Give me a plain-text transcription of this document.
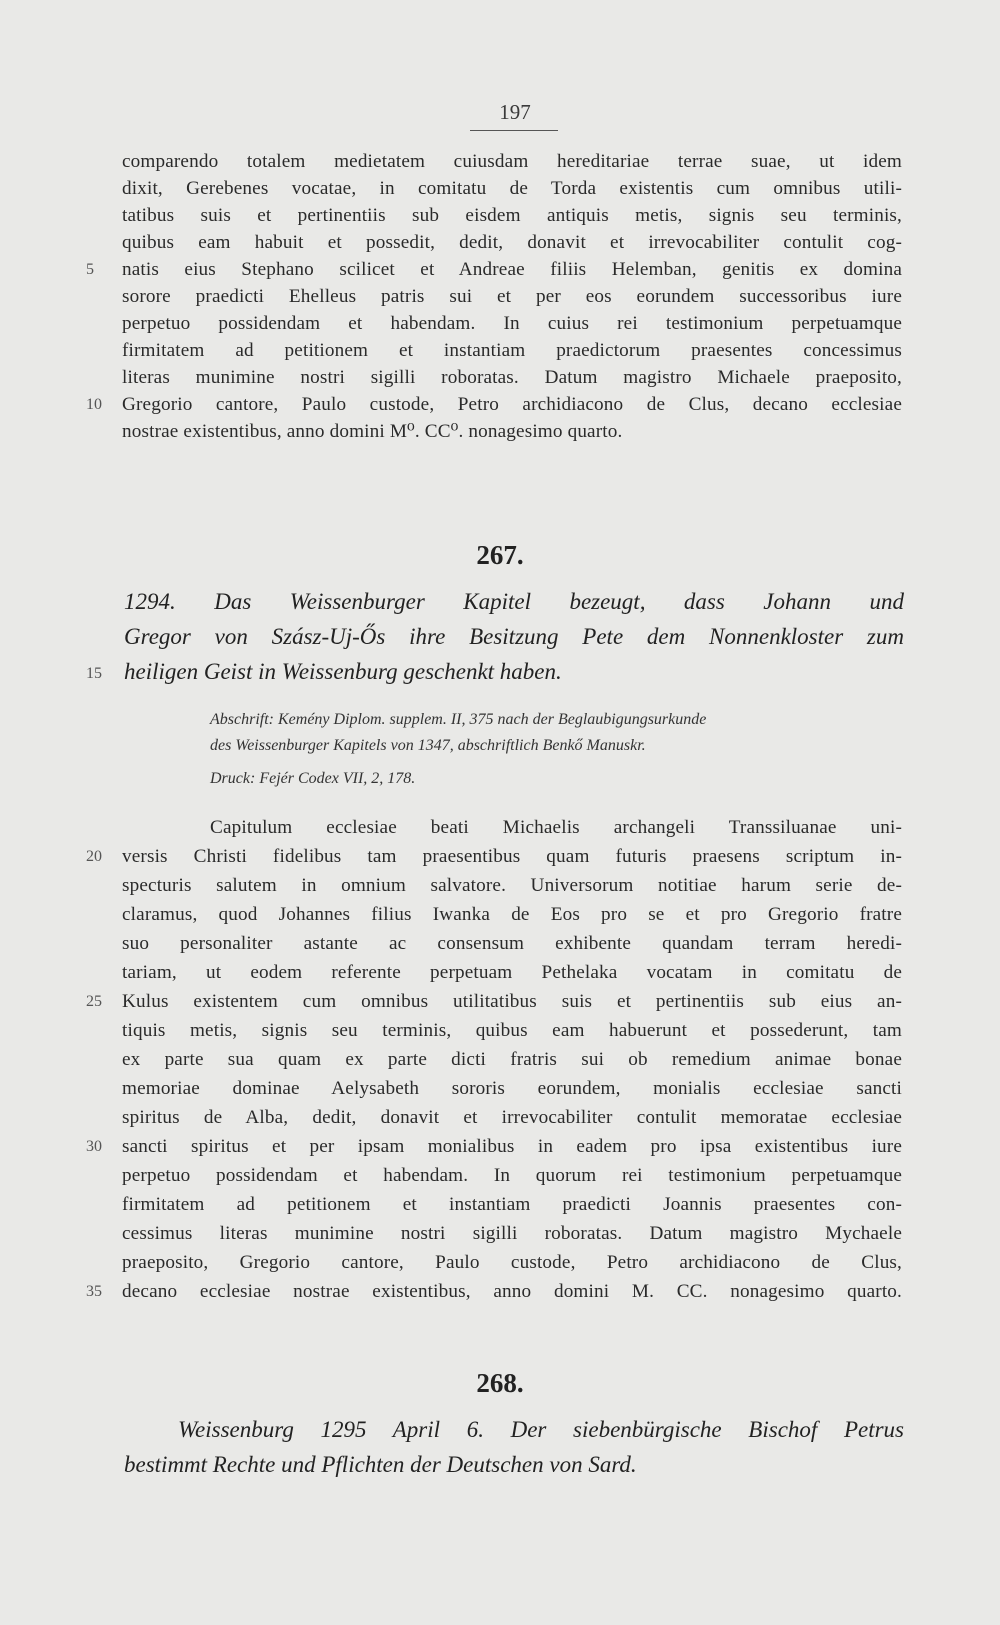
197
comparendo totalem medietatem cuiusdam hereditariae terrae suae, ut idem
dixit, Gerebenes vocatae, in comitatu de Torda existentis cum omnibus utili-
tatibus suis et pertinentiis sub eisdem antiquis metis, signis seu terminis,
quibus eam habuit et possedit, dedit, donavit et irrevocabiliter contulit cog-
natis eius Stephano scilicet et Andreae filiis Helemban, genitis ex domina
5
sorore praedicti Ehelleus patris sui et per eos eorundem successoribus iure
perpetuo possidendam et habendam. In cuius rei testimonium perpetuamque
firmitatem ad petitionem et instantiam praedictorum praesentes concessimus
literas munimine nostri sigilli roboratas. Datum magistro Michaele praeposito,
Gregorio cantore, Paulo custode, Petro archidiacono de Clus, decano ecclesiae
10
nostrae existentibus, anno domini M⁰. CC⁰. nonagesimo quarto.
267.
1294. Das Weissenburger Kapitel bezeugt, dass Johann und
Gregor von Szász-Uj-Ős ihre Besitzung Pete dem Nonnenkloster zum
heiligen Geist in Weissenburg geschenkt haben.
15
Abschrift: Kemény Diplom. supplem. II, 375 nach der Beglaubigungsurkunde
des Weissenburger Kapitels von 1347, abschriftlich Benkő Manuskr.
Druck: Fejér Codex VII, 2, 178.
Capitulum ecclesiae beati Michaelis archangeli Transsiluanae uni-
versis Christi fidelibus tam praesentibus quam futuris praesens scriptum in-
20
specturis salutem in omnium salvatore. Universorum notitiae harum serie de-
claramus, quod Johannes filius Iwanka de Eos pro se et pro Gregorio fratre
suo personaliter astante ac consensum exhibente quandam terram heredi-
tariam, ut eodem referente perpetuam Pethelaka vocatam in comitatu de
Kulus existentem cum omnibus utilitatibus suis et pertinentiis sub eius an-
25
tiquis metis, signis seu terminis, quibus eam habuerunt et possederunt, tam
ex parte sua quam ex parte dicti fratris sui ob remedium animae bonae
memoriae dominae Aelysabeth sororis eorundem, monialis ecclesiae sancti
spiritus de Alba, dedit, donavit et irrevocabiliter contulit memoratae ecclesiae
sancti spiritus et per ipsam monialibus in eadem pro ipsa existentibus iure
30
perpetuo possidendam et habendam. In quorum rei testimonium perpetuamque
firmitatem ad petitionem et instantiam praedicti Joannis praesentes con-
cessimus literas munimine nostri sigilli roboratas. Datum magistro Mychaele
praeposito, Gregorio cantore, Paulo custode, Petro archidiacono de Clus,
decano ecclesiae nostrae existentibus, anno domini M. CC. nonagesimo quarto.
35
268.
Weissenburg 1295 April 6. Der siebenbürgische Bischof Petrus
bestimmt Rechte und Pflichten der Deutschen von Sard.
